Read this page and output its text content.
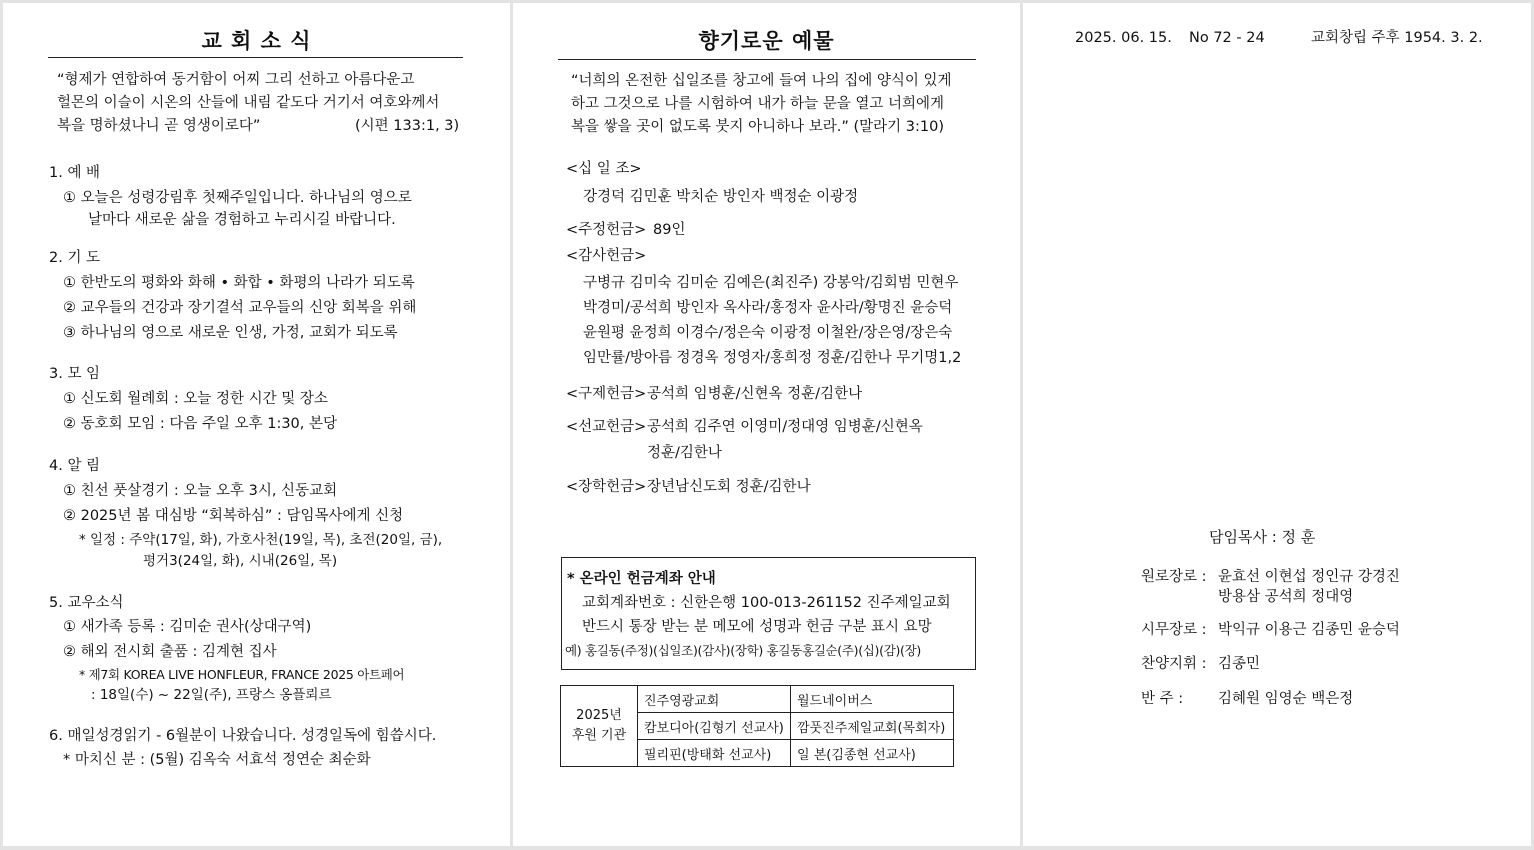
교 회 소 식
“형제가 연합하여 동거함이 어찌 그리 선하고 아름다운고
헐몬의 이슬이 시온의 산들에 내림 같도다 거기서 여호와께서
복을 명하셨나니 곧 영생이로다”	(시편 133:1, 3)
1. 예 배
① 오늘은 성령강림후 첫째주일입니다. 하나님의 영으로
날마다 새로운 삶을 경험하고 누리시길 바랍니다.
2. 기 도
① 한반도의 평화와 화해 • 화합 • 화평의 나라가 되도록
② 교우들의 건강과 장기결석 교우들의 신앙 회복을 위해
③ 하나님의 영으로 새로운 인생, 가정, 교회가 되도록
3. 모 임
① 신도회 월례회 : 오늘 정한 시간 및 장소
② 동호회 모임 : 다음 주일 오후 1:30, 본당
4. 알 림
① 친선 풋살경기 : 오늘 오후 3시, 신동교회
② 2025년 봄 대심방 “회복하심” : 담임목사에게 신청
* 일정 : 주약(17일, 화), 가호사천(19일, 목), 초전(20일, 금),
평거3(24일, 화), 시내(26일, 목)
5. 교우소식
① 새가족 등록 : 김미순 권사(상대구역)
② 해외 전시회 출품 : 김계현 집사
* 제7회 KOREA LIVE HONFLEUR, FRANCE 2025 아트페어
: 18일(수) ~ 22일(주), 프랑스 옹플뢰르
6. 매일성경읽기 - 6월분이 나왔습니다. 성경일독에 힘씁시다.
* 마치신 분 : (5월) 김옥숙 서효석 정연순 최순화
향기로운 예물
“너희의 온전한 십일조를 창고에 들여 나의 집에 양식이 있게
하고 그것으로 나를 시험하여 내가 하늘 문을 열고 너희에게
복을 쌓을 곳이 없도록 붓지 아니하나 보라.” (말라기 3:10)
<십 일 조>
강경덕 김민훈 박치순 방인자 백정순 이광정
<주정헌금> 89인
<감사헌금>
구병규 김미숙 김미순 김예은(최진주) 강봉악/김회범 민현우
박경미/공석희 방인자 옥사라/홍정자 윤사라/황명진 윤승덕
윤원평 윤정희 이경수/정은숙 이광정 이철완/장은영/장은숙
임만률/방아름 정경옥 정영자/홍희정 정훈/김한나 무기명1,2
<구제헌금> 공석희 임병훈/신현옥 정훈/김한나
<선교헌금> 공석희 김주연 이영미/정대영 임병훈/신현옥
정훈/김한나
<장학헌금> 장년남신도회 정훈/김한나
* 온라인 헌금계좌 안내
교회계좌번호 : 신한은행 100-013-261152 진주제일교회
반드시 통장 받는 분 메모에 성명과 헌금 구분 표시 요망
예) 홍길동(주정)(십일조)(감사)(장학) 홍길동홍길순(주)(십)(감)(장)
2025년
후원 기관	진주영광교회	월드네이버스
	캄보디아(김형기 선교사)	깜풋진주제일교회(목회자)
	필리핀(방태화 선교사)	일 본(김종현 선교사)
2025. 06. 15. No 72 - 24	교회창립 주후 1954. 3. 2.
담임목사 : 정 훈
원로장로 : 윤효선 이현섭 정인규 강경진
방용삼 공석희 정대영
시무장로 : 박익규 이용근 김종민 윤승덕
찬양지휘 : 김종민
반 주 : 김혜원 임영순 백은정
